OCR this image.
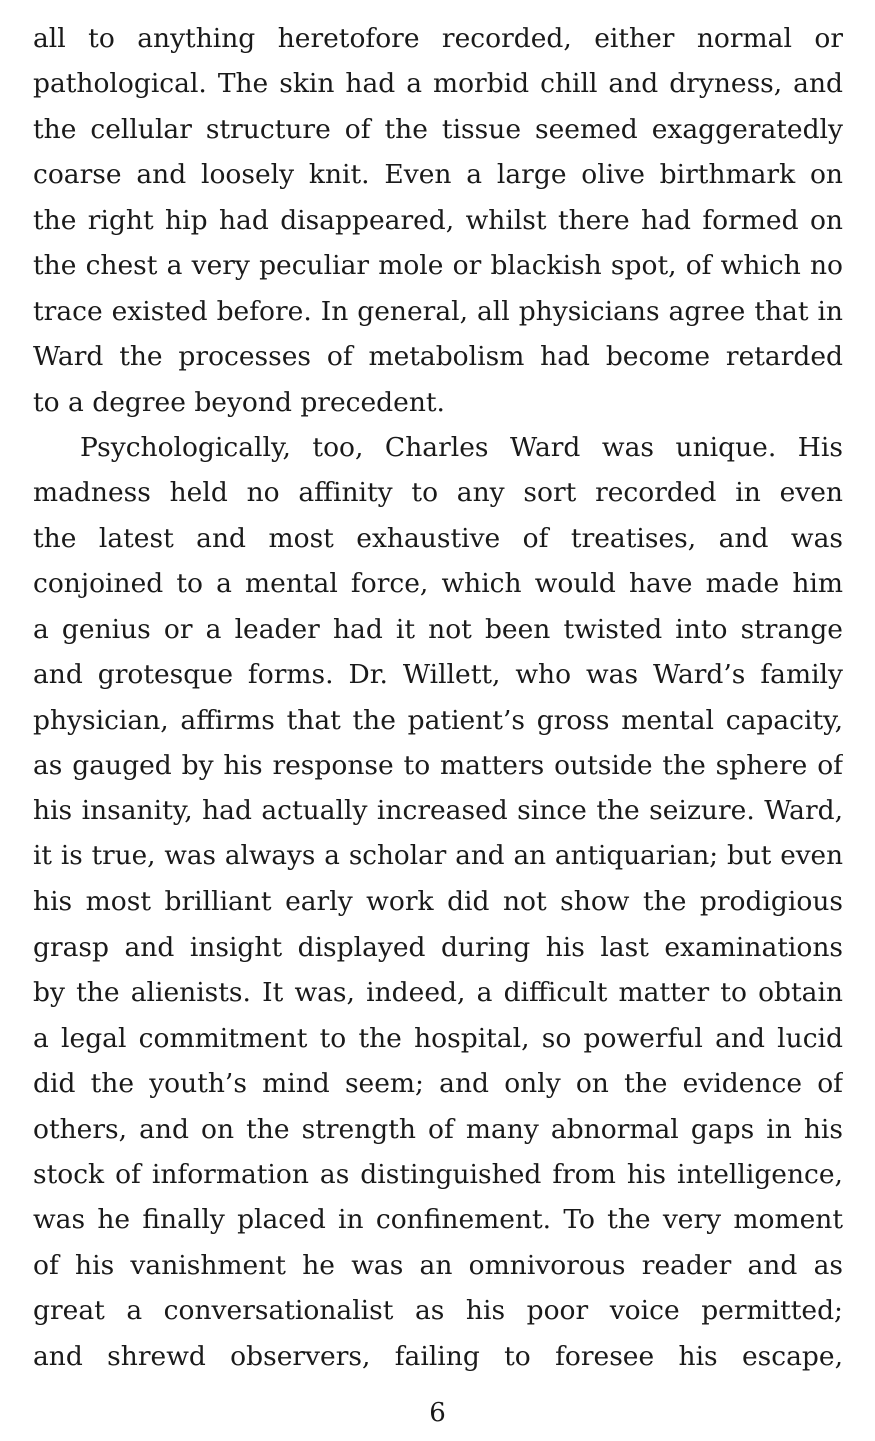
all to anything heretofore recorded, either normal or
pathological. The skin had a morbid chill and dryness, and
the cellular structure of the tissue seemed exaggeratedly
coarse and loosely knit. Even a large olive birthmark on
the right hip had disappeared, whilst there had formed on
the chest a very peculiar mole or blackish spot, of which no
trace existed before. In general, all physicians agree that in
Ward the processes of metabolism had become retarded
to a degree beyond precedent.
Psychologically, too, Charles Ward was unique. His
madness held no affinity to any sort recorded in even
the latest and most exhaustive of treatises, and was
conjoined to a mental force, which would have made him
a genius or a leader had it not been twisted into strange
and grotesque forms. Dr. Willett, who was Ward’s family
physician, affirms that the patient’s gross mental capacity,
as gauged by his response to matters outside the sphere of
his insanity, had actually increased since the seizure. Ward,
it is true, was always a scholar and an antiquarian; but even
his most brilliant early work did not show the prodigious
grasp and insight displayed during his last examinations
by the alienists. It was, indeed, a difficult matter to obtain
a legal commitment to the hospital, so powerful and lucid
did the youth’s mind seem; and only on the evidence of
others, and on the strength of many abnormal gaps in his
stock of information as distinguished from his intelligence,
was he finally placed in confinement. To the very moment
of his vanishment he was an omnivorous reader and as
great a conversationalist as his poor voice permitted;
and shrewd observers, failing to foresee his escape,
6
